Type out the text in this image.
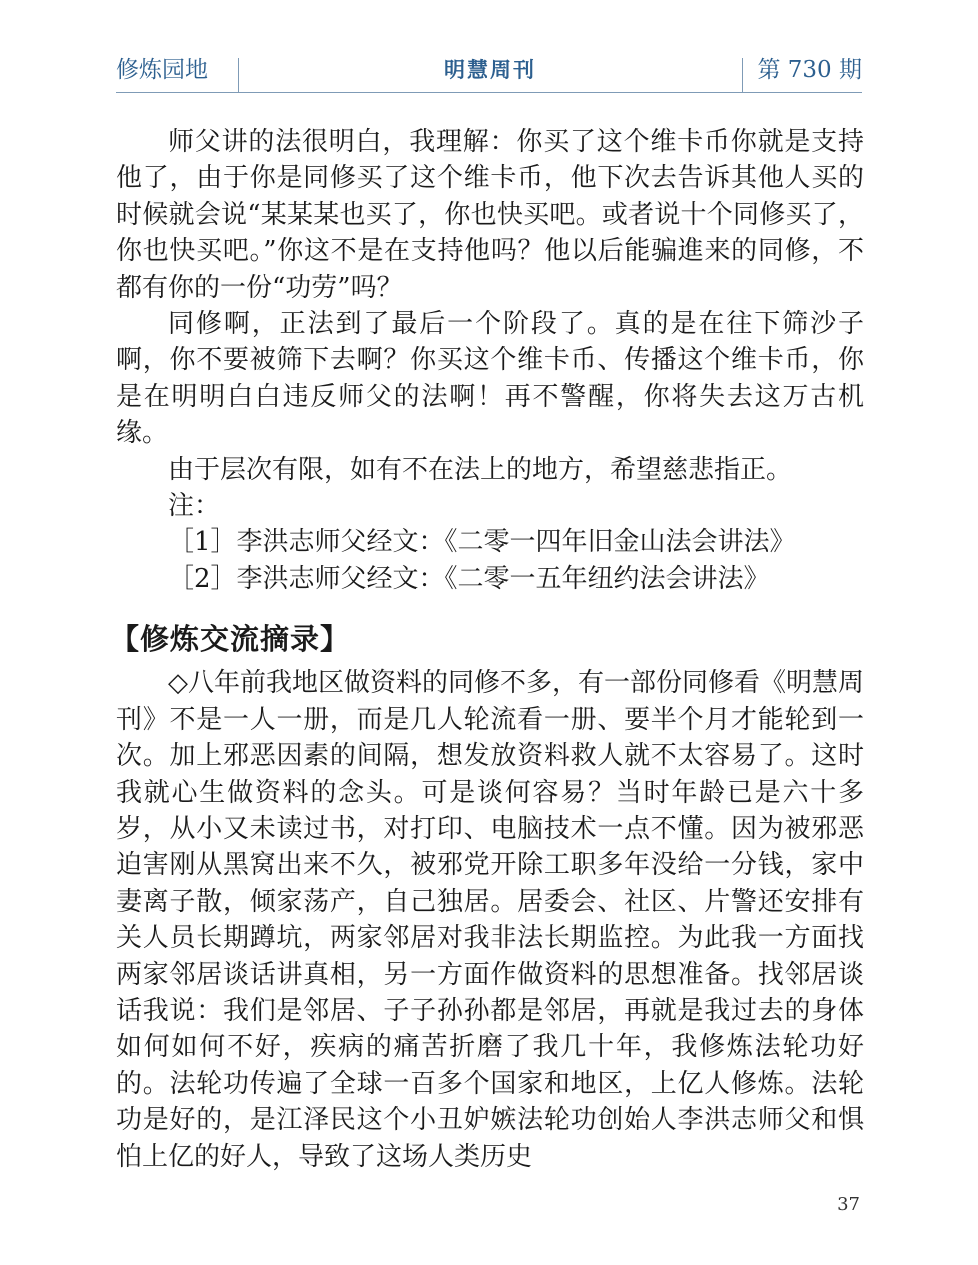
修炼园地	明慧周刊	第 730 期

师父讲的法很明白，我理解：你买了这个维卡币你就是支持他了，由于你是同修买了这个维卡币，他下次去告诉其他人买的时候就会说“某某某也买了，你也快买吧。或者说十个同修买了，你也快买吧。”你这不是在支持他吗？他以后能骗進来的同修，不都有你的一份“功劳”吗？

同修啊，正法到了最后一个阶段了。真的是在往下筛沙子啊，你不要被筛下去啊？你买这个维卡币、传播这个维卡币，你是在明明白白违反师父的法啊！再不警醒，你将失去这万古机缘。

由于层次有限，如有不在法上的地方，希望慈悲指正。

注：

［1］李洪志师父经文：《二零一四年旧金山法会讲法》

［2］李洪志师父经文：《二零一五年纽约法会讲法》

【修炼交流摘录】

◇八年前我地区做资料的同修不多，有一部份同修看《明慧周刊》不是一人一册，而是几人轮流看一册、要半个月才能轮到一次。加上邪恶因素的间隔，想发放资料救人就不太容易了。这时我就心生做资料的念头。可是谈何容易？当时年龄已是六十多岁，从小又未读过书，对打印、电脑技术一点不懂。因为被邪恶迫害刚从黑窝出来不久，被邪党开除工职多年没给一分钱，家中妻离子散，倾家荡产，自己独居。居委会、社区、片警还安排有关人员长期蹲坑，两家邻居对我非法长期监控。为此我一方面找两家邻居谈话讲真相，另一方面作做资料的思想准备。找邻居谈话我说：我们是邻居、子子孙孙都是邻居，再就是我过去的身体如何如何不好，疾病的痛苦折磨了我几十年，我修炼法轮功好的。法轮功传遍了全球一百多个国家和地区，上亿人修炼。法轮功是好的，是江泽民这个小丑妒嫉法轮功创始人李洪志师父和惧怕上亿的好人，导致了这场人类历史

37
